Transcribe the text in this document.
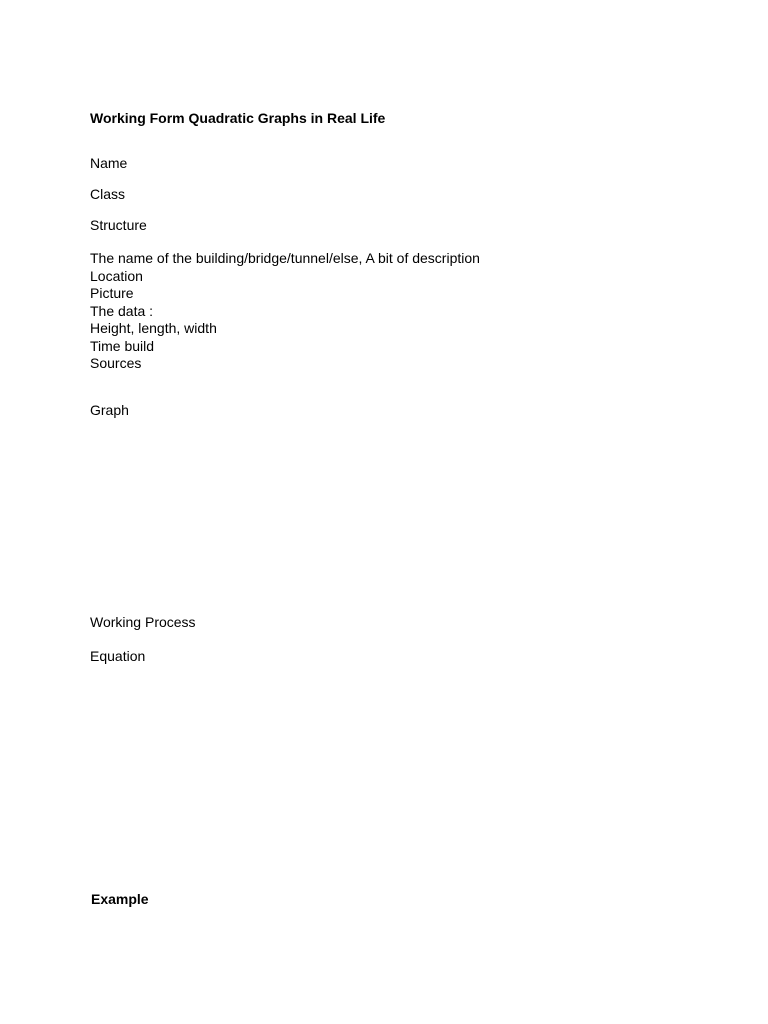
Working Form Quadratic Graphs in Real Life

Name

Class

Structure

The name of the building/bridge/tunnel/else, A bit of description
Location
Picture
The data :
Height, length, width
Time build
Sources

Graph

Working Process

Equation

Example
